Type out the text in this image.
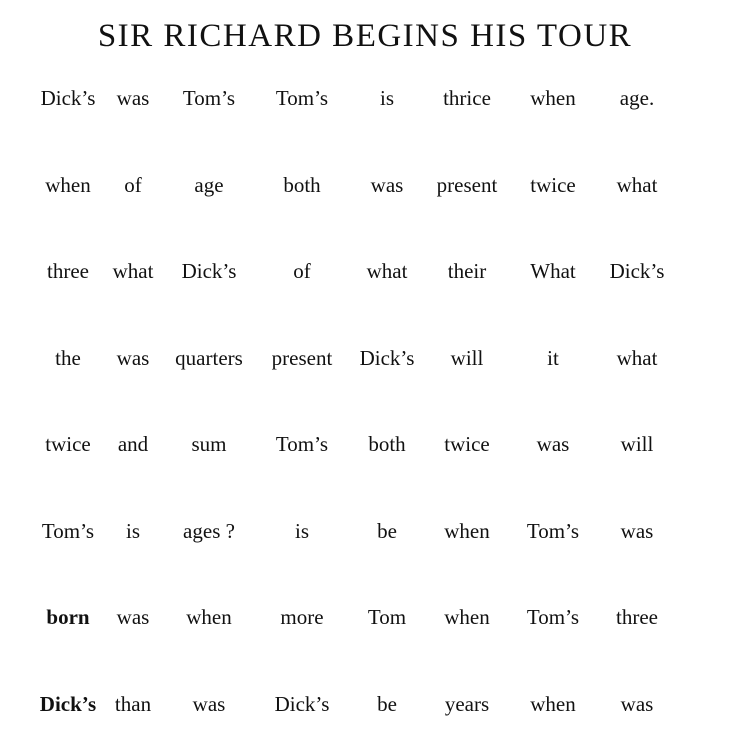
SIR RICHARD BEGINS HIS TOUR
Dick’s was Tom’s Tom’s is thrice when age.
when of	age	both was present twice what
three what Dick’s	of	what their What Dick’s
the was quarters present Dick’s will	it	what
twice and sum Tom’s both twice was will
Tom’s is ages ?	is	be when Tom’s was
born was when more Tom when Tom’s three
Dick’s than was Dick’s be years when was
